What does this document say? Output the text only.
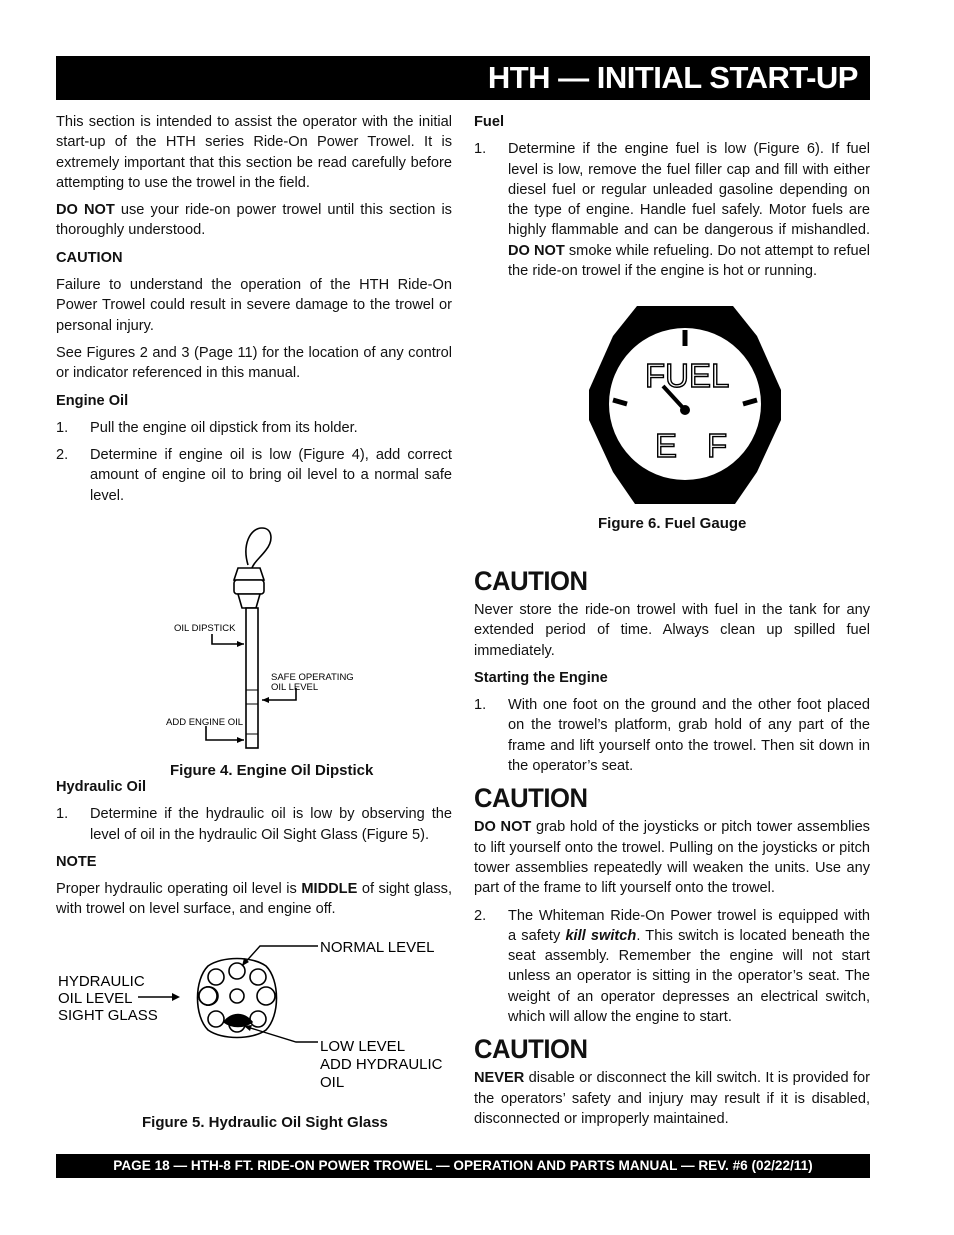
HTH — INITIAL START-UP

This section is intended to assist the operator with the initial start-up of the HTH series Ride-On Power Trowel. It is extremely important that this section be read carefully before attempting to use the trowel in the field.

DO NOT use your ride-on power trowel until this section is thoroughly understood.

CAUTION

Failure to understand the operation of the HTH Ride-On Power Trowel could result in severe damage to the trowel or personal injury.

See Figures 2 and 3 (Page 11) for the location of any control or indicator referenced in this manual.

Engine Oil
1.	Pull the engine oil dipstick from its holder.
2.	Determine if engine oil is low (Figure 4), add correct amount of engine oil to bring oil level to a normal safe level.
OIL DIPSTICK
SAFE OPERATING
OIL LEVEL
ADD ENGINE OIL
Figure 4. Engine Oil Dipstick
Hydraulic Oil
1.	Determine if the hydraulic oil is low by observing the level of oil in the hydraulic Oil Sight Glass (Figure 5).
NOTE

Proper hydraulic operating oil level is MIDDLE of sight glass, with trowel on level surface, and engine off.

NORMAL LEVEL
HYDRAULIC
OIL LEVEL
SIGHT GLASS
LOW LEVEL
ADD HYDRAULIC
OIL
Figure 5. Hydraulic Oil Sight Glass
Fuel
1.	Determine if the engine fuel is low (Figure 6). If fuel level is low, remove the fuel filler cap and fill with either diesel fuel or regular unleaded gasoline depending on the type of engine. Handle fuel safely. Motor fuels are highly flammable and can be dangerous if mishandled. DO NOT smoke while refueling. Do not attempt to refuel the ride-on trowel if the engine is hot or running.
FUEL
E F
Figure 6. Fuel Gauge
CAUTION

Never store the ride-on trowel with fuel in the tank for any extended period of time. Always clean up spilled fuel immediately.

Starting the Engine
1.	With one foot on the ground and the other foot placed on the trowel’s platform, grab hold of any part of the frame and lift yourself onto the trowel. Then sit down in the operator’s seat.
CAUTION

DO NOT grab hold of the joysticks or pitch tower assemblies to lift yourself onto the trowel. Pulling on the joysticks or pitch tower assemblies repeatedly will weaken the units. Use any part of the frame to lift yourself onto the trowel.

2.	The Whiteman Ride-On Power trowel is equipped with a safety kill switch. This switch is located beneath the seat assembly. Remember the engine will not start unless an operator is sitting in the operator’s seat. The weight of an operator depresses an electrical switch, which will allow the engine to start.
CAUTION

NEVER disable or disconnect the kill switch. It is provided for the operators’ safety and injury may result if it is disabled, disconnected or improperly maintained.

PAGE 18 — HTH-8 FT. RIDE-ON POWER TROWEL — OPERATION AND PARTS MANUAL — REV. #6 (02/22/11)
